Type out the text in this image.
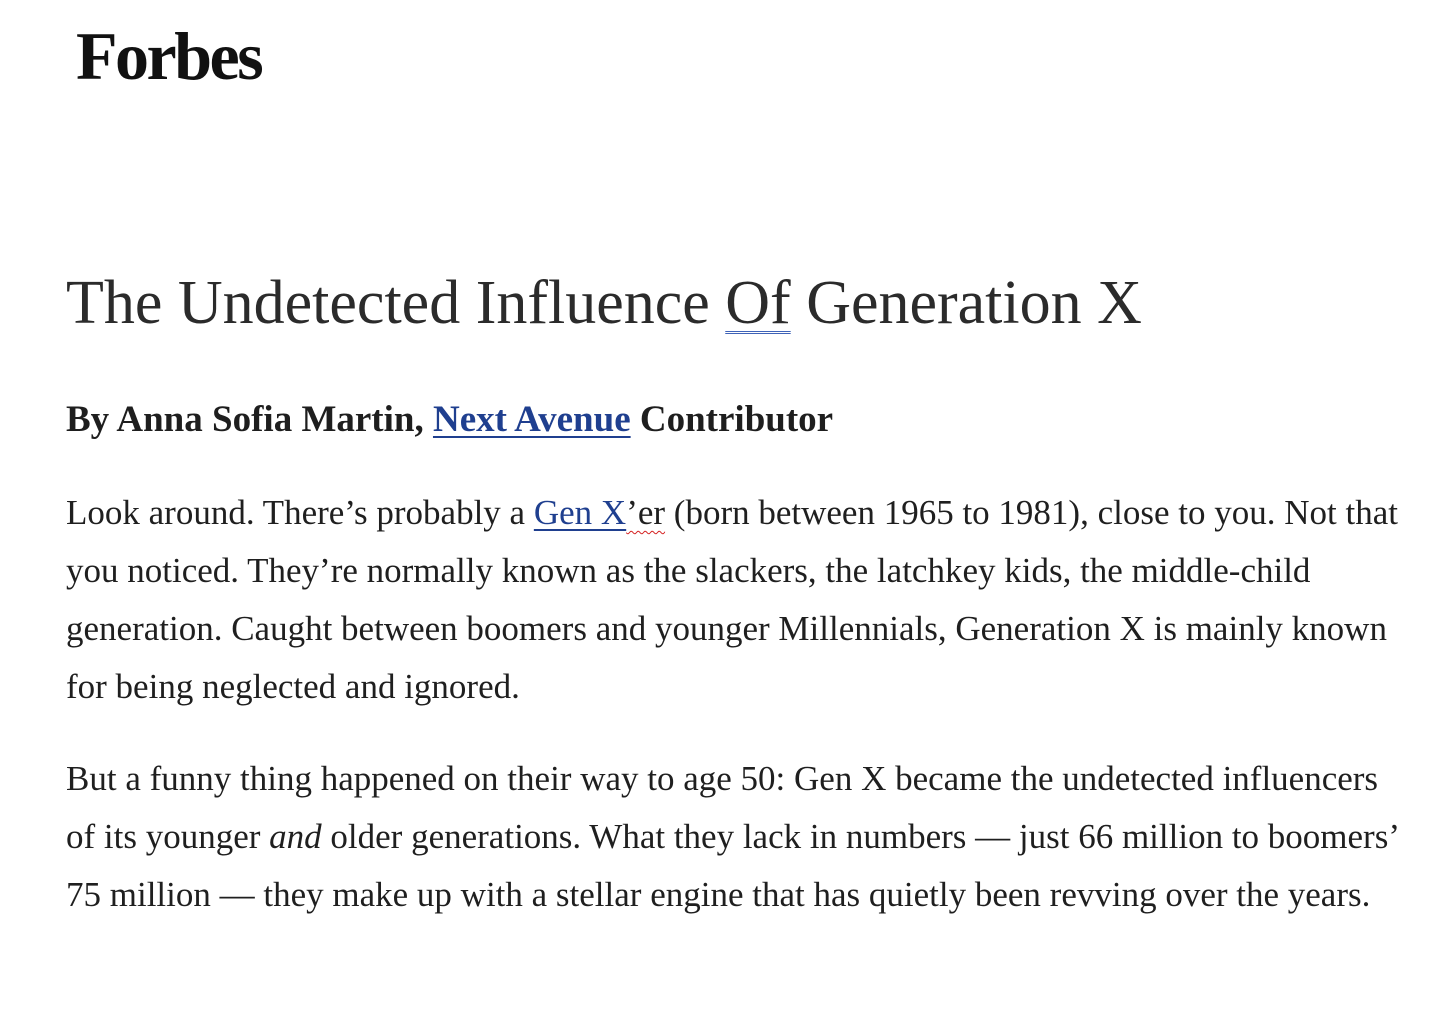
Forbes
The Undetected Influence Of Generation X

By Anna Sofia Martin, Next Avenue Contributor

Look around. There’s probably a Gen X’er (born between 1965 to 1981), close to you. Not that you noticed. They’re normally known as the slackers, the latchkey kids, the middle-child generation. Caught between boomers and younger Millennials, Generation X is mainly known for being neglected and ignored.

But a funny thing happened on their way to age 50: Gen X became the undetected influencers of its younger and older generations. What they lack in numbers — just 66 million to boomers’ 75 million — they make up with a stellar engine that has quietly been revving over the years.
